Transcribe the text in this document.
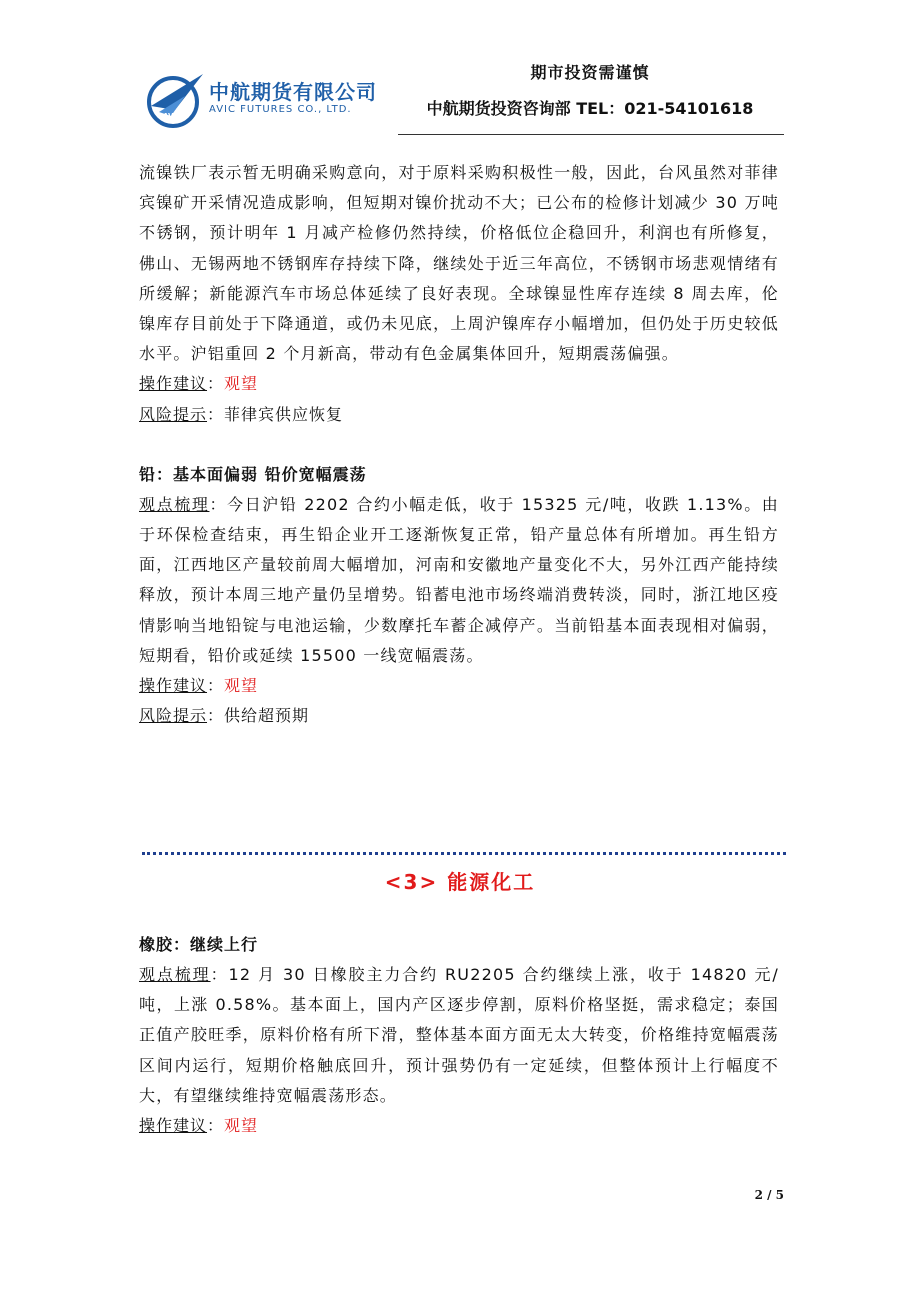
AVIC
中航期货有限公司
AVIC FUTURES CO., LTD.
期市投资需谨慎
中航期货投资咨询部 TEL：021-54101618

流镍铁厂表示暂无明确采购意向，对于原料采购积极性一般，因此，台风虽然对菲律宾镍矿开采情况造成影响，但短期对镍价扰动不大；已公布的检修计划减少 30 万吨不锈钢，预计明年 1 月减产检修仍然持续，价格低位企稳回升，利润也有所修复，佛山、无锡两地不锈钢库存持续下降，继续处于近三年高位，不锈钢市场悲观情绪有所缓解；新能源汽车市场总体延续了良好表现。全球镍显性库存连续 8 周去库，伦镍库存目前处于下降通道，或仍未见底，上周沪镍库存小幅增加，但仍处于历史较低水平。沪铝重回 2 个月新高，带动有色金属集体回升，短期震荡偏强。

操作建议：观望

风险提示：菲律宾供应恢复

铅：基本面偏弱 铅价宽幅震荡

观点梳理：今日沪铅 2202 合约小幅走低，收于 15325 元/吨，收跌 1.13%。由于环保检查结束，再生铅企业开工逐渐恢复正常，铅产量总体有所增加。再生铅方面，江西地区产量较前周大幅增加，河南和安徽地产量变化不大，另外江西产能持续释放，预计本周三地产量仍呈增势。铅蓄电池市场终端消费转淡，同时，浙江地区疫情影响当地铅锭与电池运输，少数摩托车蓄企减停产。当前铅基本面表现相对偏弱，短期看，铅价或延续 15500 一线宽幅震荡。

操作建议：观望

风险提示：供给超预期

<3> 能源化工

橡胶：继续上行

观点梳理：12 月 30 日橡胶主力合约 RU2205 合约继续上涨，收于 14820 元/吨，上涨 0.58%。基本面上，国内产区逐步停割，原料价格坚挺，需求稳定；泰国正值产胶旺季，原料价格有所下滑，整体基本面方面无太大转变，价格维持宽幅震荡区间内运行，短期价格触底回升，预计强势仍有一定延续，但整体预计上行幅度不大，有望继续维持宽幅震荡形态。

操作建议：观望

2 / 5
